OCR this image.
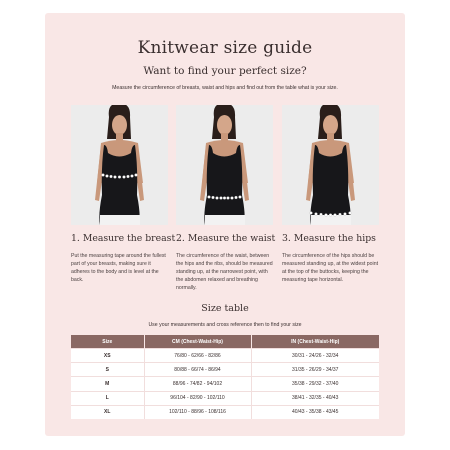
Knitwear size guide
Want to find your perfect size?
Measure the circumference of breasts, waist and hips and find out from the table what is your size.
1. Measure the breast 2. Measure the waist 3. Measure the hips
Put the measuring tape around the fullest part of your breasts, making sure it adheres to the body and is level at the back.
The circumference of the waist, between the hips and the ribs, should be measured standing up, at the narrowest point, with the abdomen relaxed and breathing normally.
The circumference of the hips should be measured standing up, at the widest point at the top of the buttocks, keeping the measuring tape horizontal.
Size table
Use your measurements and cross reference then to find your size
Size	CM (Chest-Waist-Hip)	IN (Chest-Waist-Hip)
XS	76/80 - 62/66 - 82/86	30/31 - 24/26 - 32/34
S	80/88 - 66/74 - 86/94	31/35 - 26/29 - 34/37
M	88/96 - 74/82 - 94/102	35/38 - 29/32 - 37/40
L	96/104 - 82/90 - 102/110	38/41 - 32/35 - 40/43
XL	102/110 - 88/96 - 108/116	40/43 - 35/38 - 43/45
